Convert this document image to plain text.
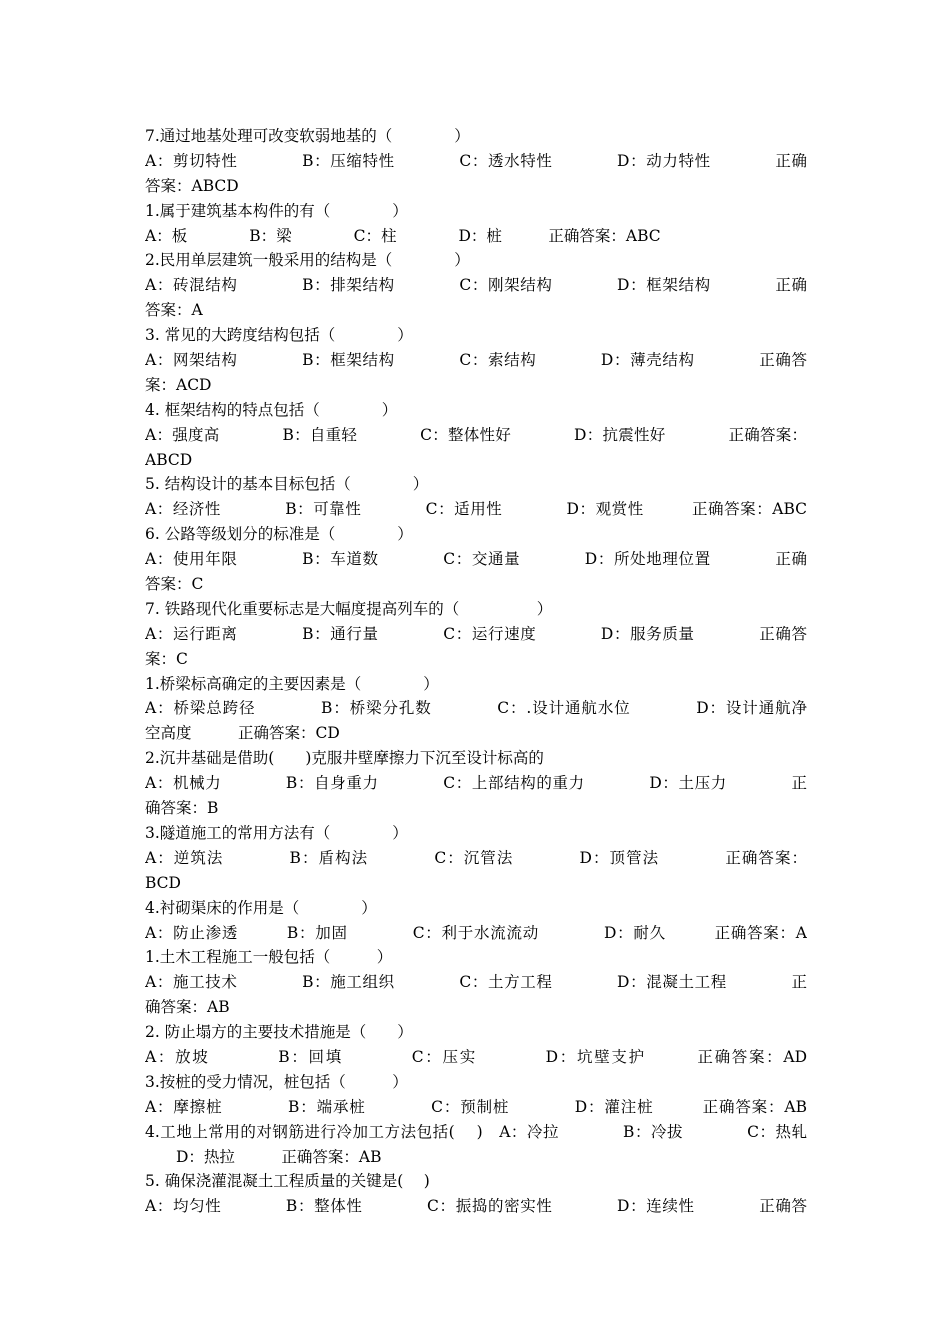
7.通过地基处理可改变软弱地基的（　　　　）
A：剪切特性　　　　B：压缩特性　　　　C：透水特性　　　　D：动力特性　　　　正确
答案：ABCD
1.属于建筑基本构件的有（　　　　）
A：板　　　　B：梁　　　　C：柱　　　　D：桩　　　正确答案：ABC
2.民用单层建筑一般采用的结构是（　　　　）
A：砖混结构　　　　B：排架结构　　　　C：刚架结构　　　　D：框架结构　　　　正确
答案：A
3. 常见的大跨度结构包括（　　　　）
A：网架结构　　　　B：框架结构　　　　C：索结构　　　　D：薄壳结构　　　　正确答
案：ACD
4. 框架结构的特点包括（　　　　）
A：强度高　　　　B：自重轻　　　　C：整体性好　　　　D：抗震性好　　　　正确答案：
ABCD
5. 结构设计的基本目标包括（　　　　）
A：经济性　　　　B：可靠性　　　　C：适用性　　　　D：观赏性　　　正确答案：ABC
6. 公路等级划分的标准是（　　　　）
A：使用年限　　　　B：车道数　　　　C：交通量　　　　D：所处地理位置　　　　正确
答案：C
7. 铁路现代化重要标志是大幅度提高列车的（　　　　　）
A：运行距离　　　　B：通行量　　　　C：运行速度　　　　D：服务质量　　　　正确答
案：C
1.桥梁标高确定的主要因素是（　　　　）
A：桥梁总跨径　　　　B：桥梁分孔数　　　　C：.设计通航水位　　　　D：设计通航净
空高度　　　正确答案：CD
2.沉井基础是借助(　　)克服井壁摩擦力下沉至设计标高的
A：机械力　　　　B：自身重力　　　　C：上部结构的重力　　　　D：土压力　　　　正
确答案：B
3.隧道施工的常用方法有（　　　　）
A：逆筑法　　　　B：盾构法　　　　C：沉管法　　　　D：顶管法　　　　正确答案：
BCD
4.衬砌渠床的作用是（　　　　）
A：防止渗透　　　B：加固　　　　C：利于水流流动　　　　D：耐久　　　正确答案：A
1.土木工程施工一般包括（　　　）
A：施工技术　　　　B：施工组织　　　　C：土方工程　　　　D：混凝土工程　　　　正
确答案：AB
2. 防止塌方的主要技术措施是（　　）
A：放坡　　　　B：回填　　　　C：压实　　　　D：坑壁支护　　　正确答案：AD
3.按桩的受力情况，桩包括（　　　）
A：摩擦桩　　　　B：端承桩　　　　C：预制桩　　　　D：灌注桩　　　正确答案：AB
4.工地上常用的对钢筋进行冷加工方法包括(　 )　A：冷拉　　　　B：冷拔　　　　C：热轧
　　D：热拉　　　正确答案：AB
5. 确保浇灌混凝土工程质量的关键是(　 )
A：均匀性　　　　B：整体性　　　　C：振捣的密实性　　　　D：连续性　　　　正确答
